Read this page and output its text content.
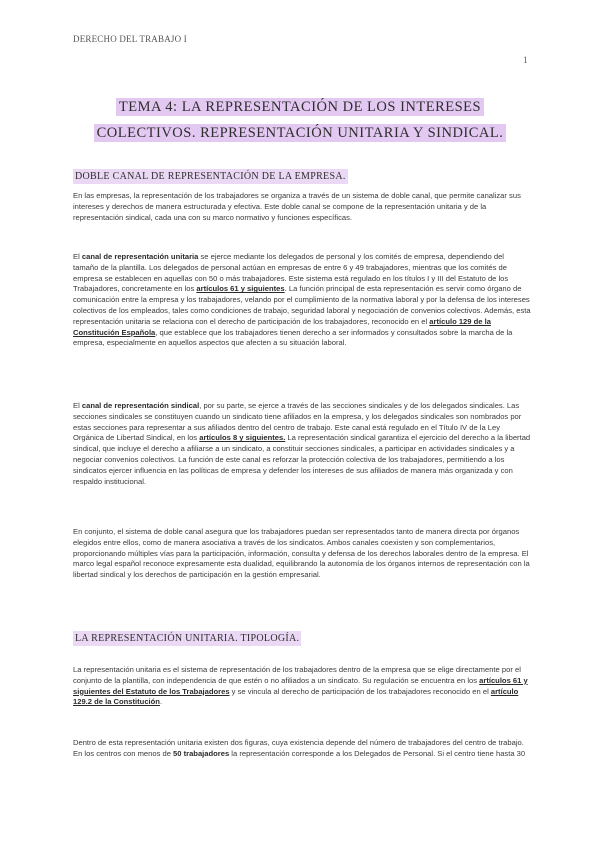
DERECHO DEL TRABAJO I
1
TEMA 4: LA REPRESENTACIÓN DE LOS INTERESES COLECTIVOS. REPRESENTACIÓN UNITARIA Y SINDICAL.
DOBLE CANAL DE REPRESENTACIÓN DE LA EMPRESA.

En las empresas, la representación de los trabajadores se organiza a través de un sistema de doble canal, que permite canalizar sus intereses y derechos de manera estructurada y efectiva. Este doble canal se compone de la representación unitaria y de la representación sindical, cada una con su marco normativo y funciones específicas.

El canal de representación unitaria se ejerce mediante los delegados de personal y los comités de empresa, dependiendo del tamaño de la plantilla. Los delegados de personal actúan en empresas de entre 6 y 49 trabajadores, mientras que los comités de empresa se establecen en aquellas con 50 o más trabajadores. Este sistema está regulado en los títulos I y III del Estatuto de los Trabajadores, concretamente en los artículos 61 y siguientes. La función principal de esta representación es servir como órgano de comunicación entre la empresa y los trabajadores, velando por el cumplimiento de la normativa laboral y por la defensa de los intereses colectivos de los empleados, tales como condiciones de trabajo, seguridad laboral y negociación de convenios colectivos. Además, esta representación unitaria se relaciona con el derecho de participación de los trabajadores, reconocido en el artículo 129 de la Constitución Española, que establece que los trabajadores tienen derecho a ser informados y consultados sobre la marcha de la empresa, especialmente en aquellos aspectos que afecten a su situación laboral.

El canal de representación sindical, por su parte, se ejerce a través de las secciones sindicales y de los delegados sindicales. Las secciones sindicales se constituyen cuando un sindicato tiene afiliados en la empresa, y los delegados sindicales son nombrados por estas secciones para representar a sus afiliados dentro del centro de trabajo. Este canal está regulado en el Título IV de la Ley Orgánica de Libertad Sindical, en los artículos 8 y siguientes. La representación sindical garantiza el ejercicio del derecho a la libertad sindical, que incluye el derecho a afiliarse a un sindicato, a constituir secciones sindicales, a participar en actividades sindicales y a negociar convenios colectivos. La función de este canal es reforzar la protección colectiva de los trabajadores, permitiendo a los sindicatos ejercer influencia en las políticas de empresa y defender los intereses de sus afiliados de manera más organizada y con respaldo institucional.

En conjunto, el sistema de doble canal asegura que los trabajadores puedan ser representados tanto de manera directa por órganos elegidos entre ellos, como de manera asociativa a través de los sindicatos. Ambos canales coexisten y son complementarios, proporcionando múltiples vías para la participación, información, consulta y defensa de los derechos laborales dentro de la empresa. El marco legal español reconoce expresamente esta dualidad, equilibrando la autonomía de los órganos internos de representación con la libertad sindical y los derechos de participación en la gestión empresarial.

LA REPRESENTACIÓN UNITARIA. TIPOLOGÍA.

La representación unitaria es el sistema de representación de los trabajadores dentro de la empresa que se elige directamente por el conjunto de la plantilla, con independencia de que estén o no afiliados a un sindicato. Su regulación se encuentra en los artículos 61 y siguientes del Estatuto de los Trabajadores y se vincula al derecho de participación de los trabajadores reconocido en el artículo 129.2 de la Constitución.

Dentro de esta representación unitaria existen dos figuras, cuya existencia depende del número de trabajadores del centro de trabajo. En los centros con menos de 50 trabajadores la representación corresponde a los Delegados de Personal. Si el centro tiene hasta 30
